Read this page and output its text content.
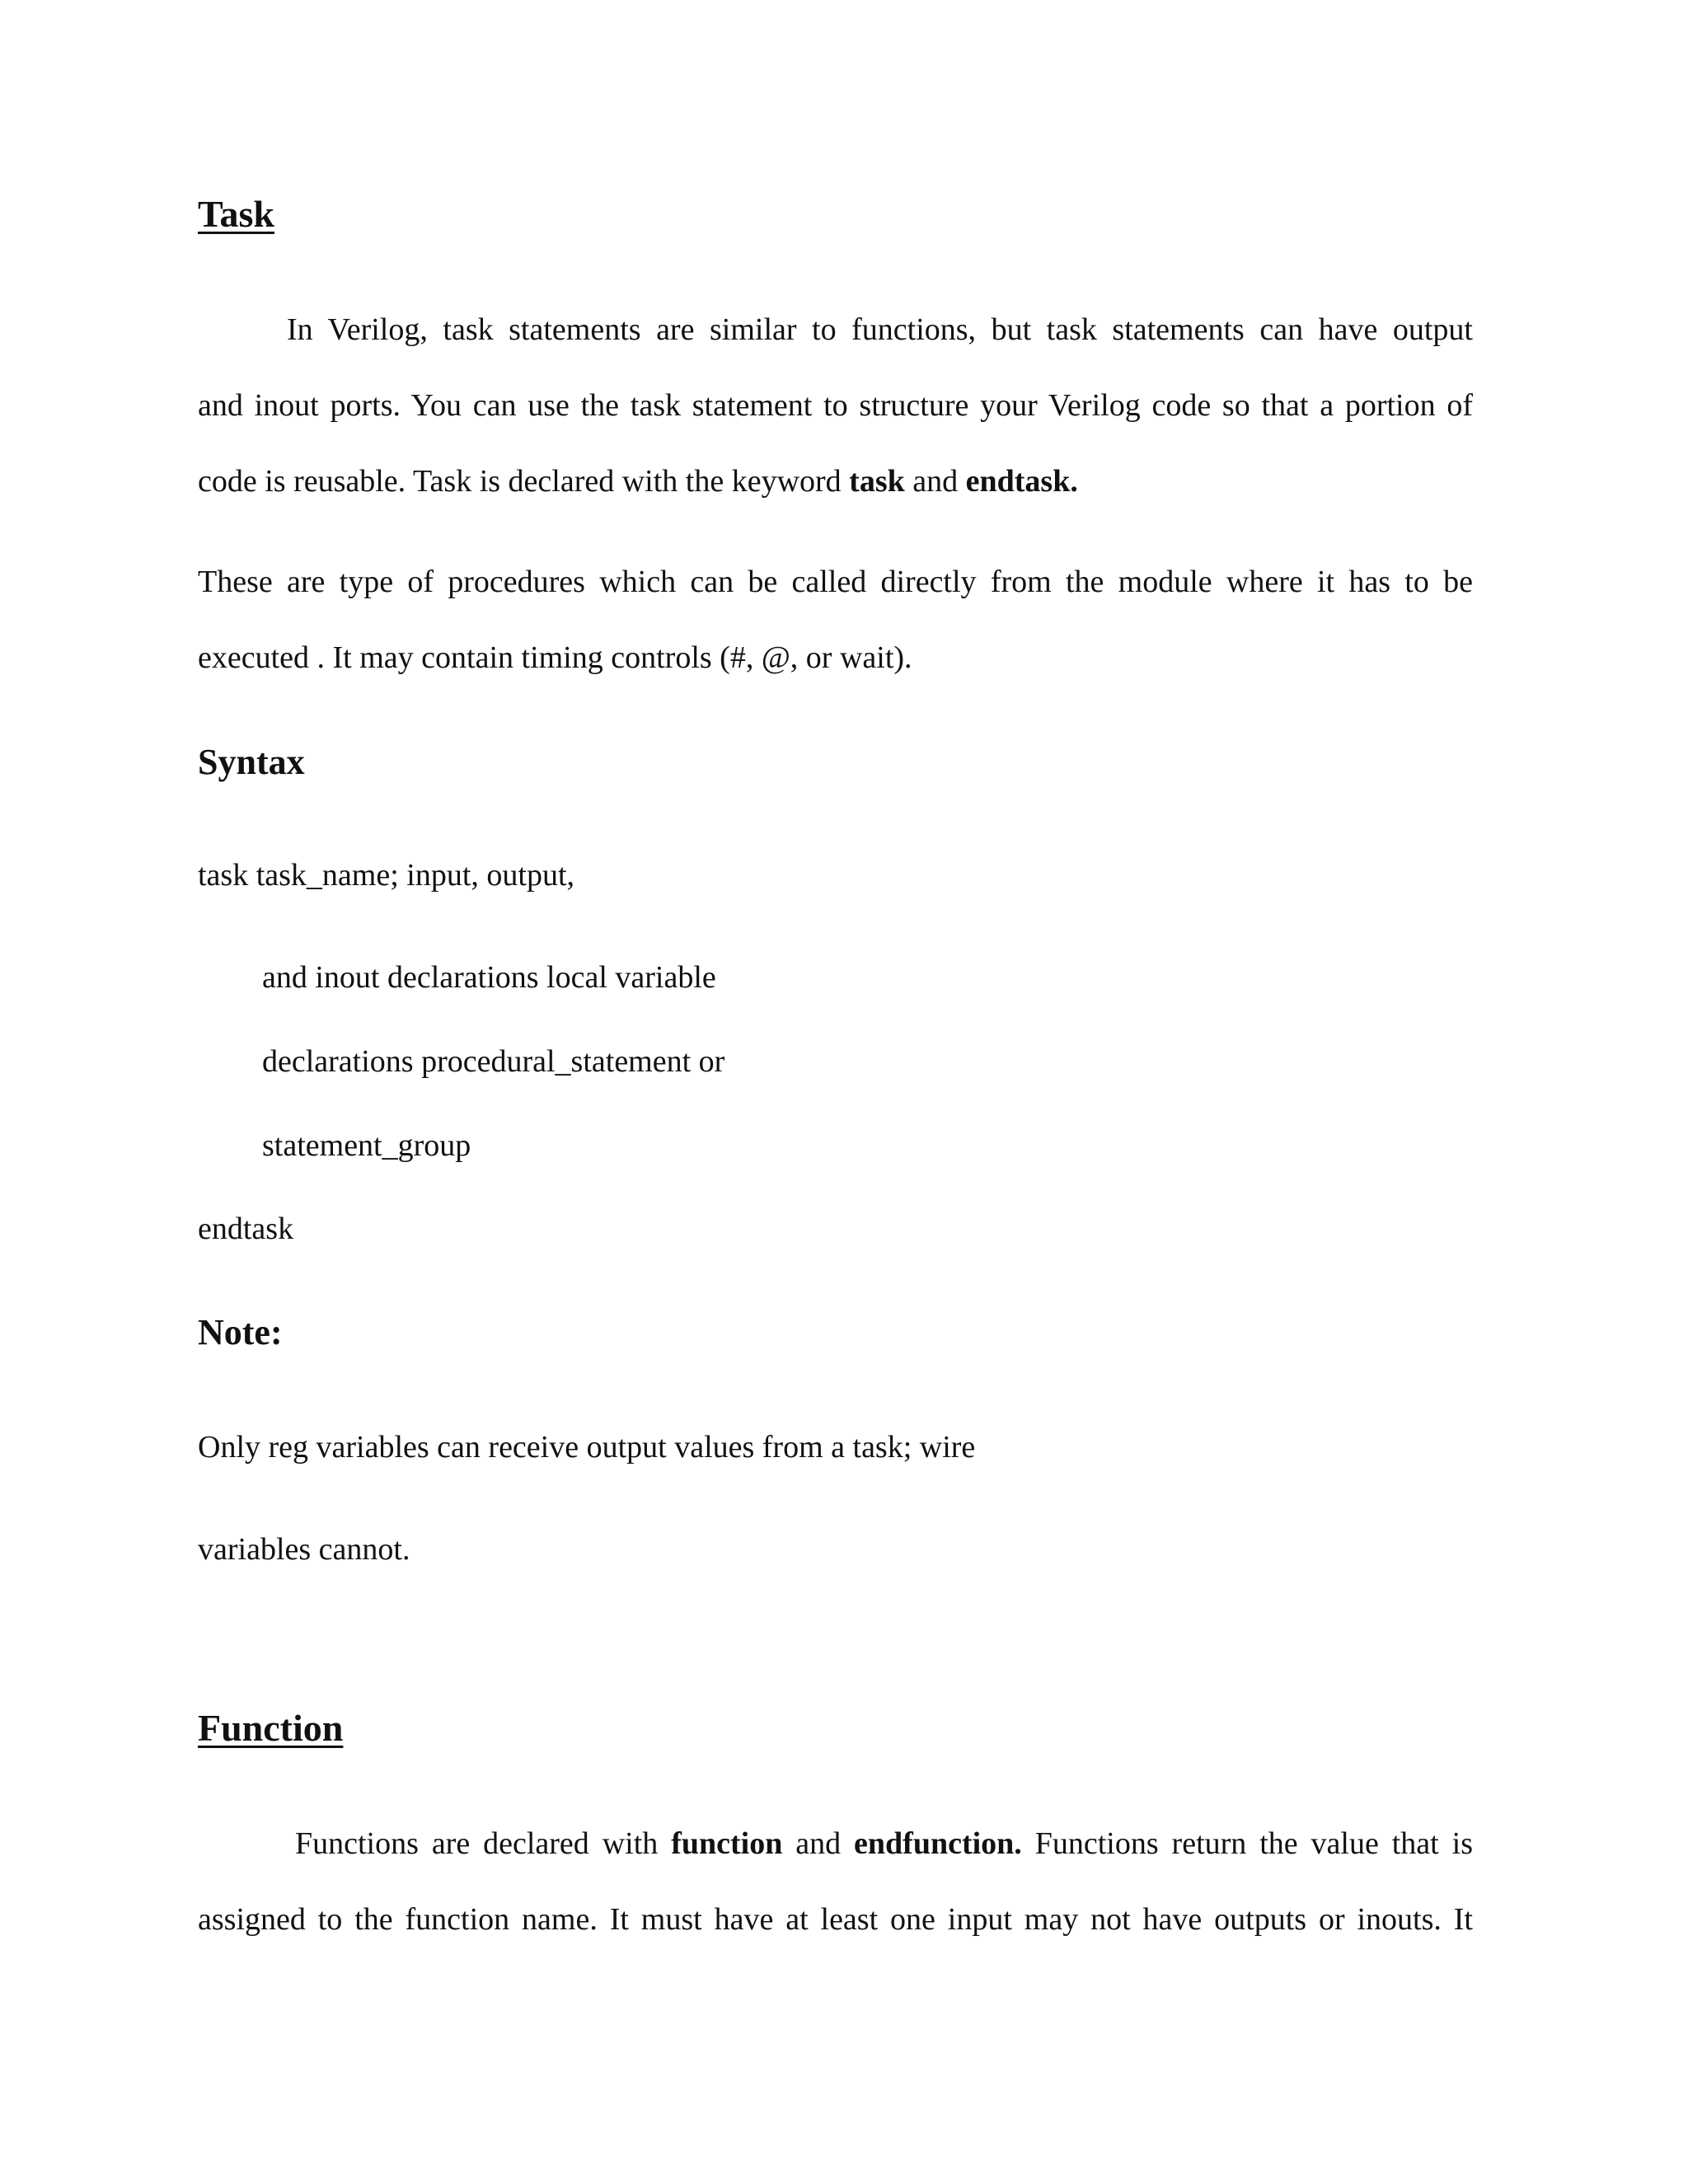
Task
In Verilog, task statements are similar to functions, but task statements can have output
and inout ports. You can use the task statement to structure your Verilog code so that a portion of
code is reusable. Task is declared with the keyword task and endtask.
These are type of procedures which can be called directly from the module where it has to be
executed . It may contain timing controls (#, @, or wait).
Syntax
task task_name; input, output,
and inout declarations local variable
declarations procedural_statement or
statement_group
endtask
Note:
Only reg variables can receive output values from a task; wire
variables cannot.
Function
Functions are declared with function and endfunction. Functions return the value that is
assigned to the function name. It must have at least one input may not have outputs or inouts. It
